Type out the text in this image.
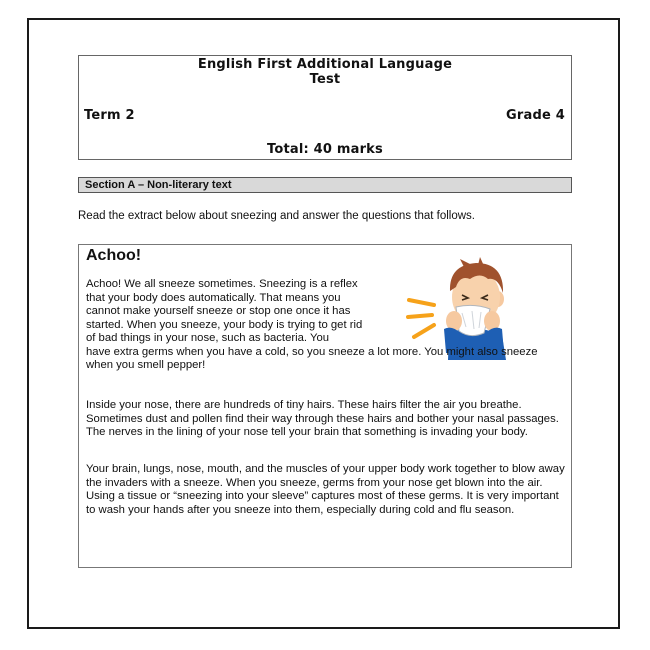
English First Additional Language
Test
Term 2	Grade 4
Total: 40 marks
Section A – Non-literary text

Read the extract below about sneezing and answer the questions that follows.

Achoo!

Achoo! We all sneeze sometimes. Sneezing is a reflex that your body does automatically. That means you cannot make yourself sneeze or stop one once it has started. When you sneeze, your body is trying to get rid of bad things in your nose, such as bacteria. You
have extra germs when you have a cold, so you sneeze a lot more. You might also sneeze when you smell pepper!

Inside your nose, there are hundreds of tiny hairs. These hairs filter the air you breathe. Sometimes dust and pollen find their way through these hairs and bother your nasal passages. The nerves in the lining of your nose tell your brain that something is invading your body.

Your brain, lungs, nose, mouth, and the muscles of your upper body work together to blow away the invaders with a sneeze. When you sneeze, germs from your nose get blown into the air. Using a tissue or “sneezing into your sleeve” captures most of these germs. It is very important to wash your hands after you sneeze into them, especially during cold and flu season.
